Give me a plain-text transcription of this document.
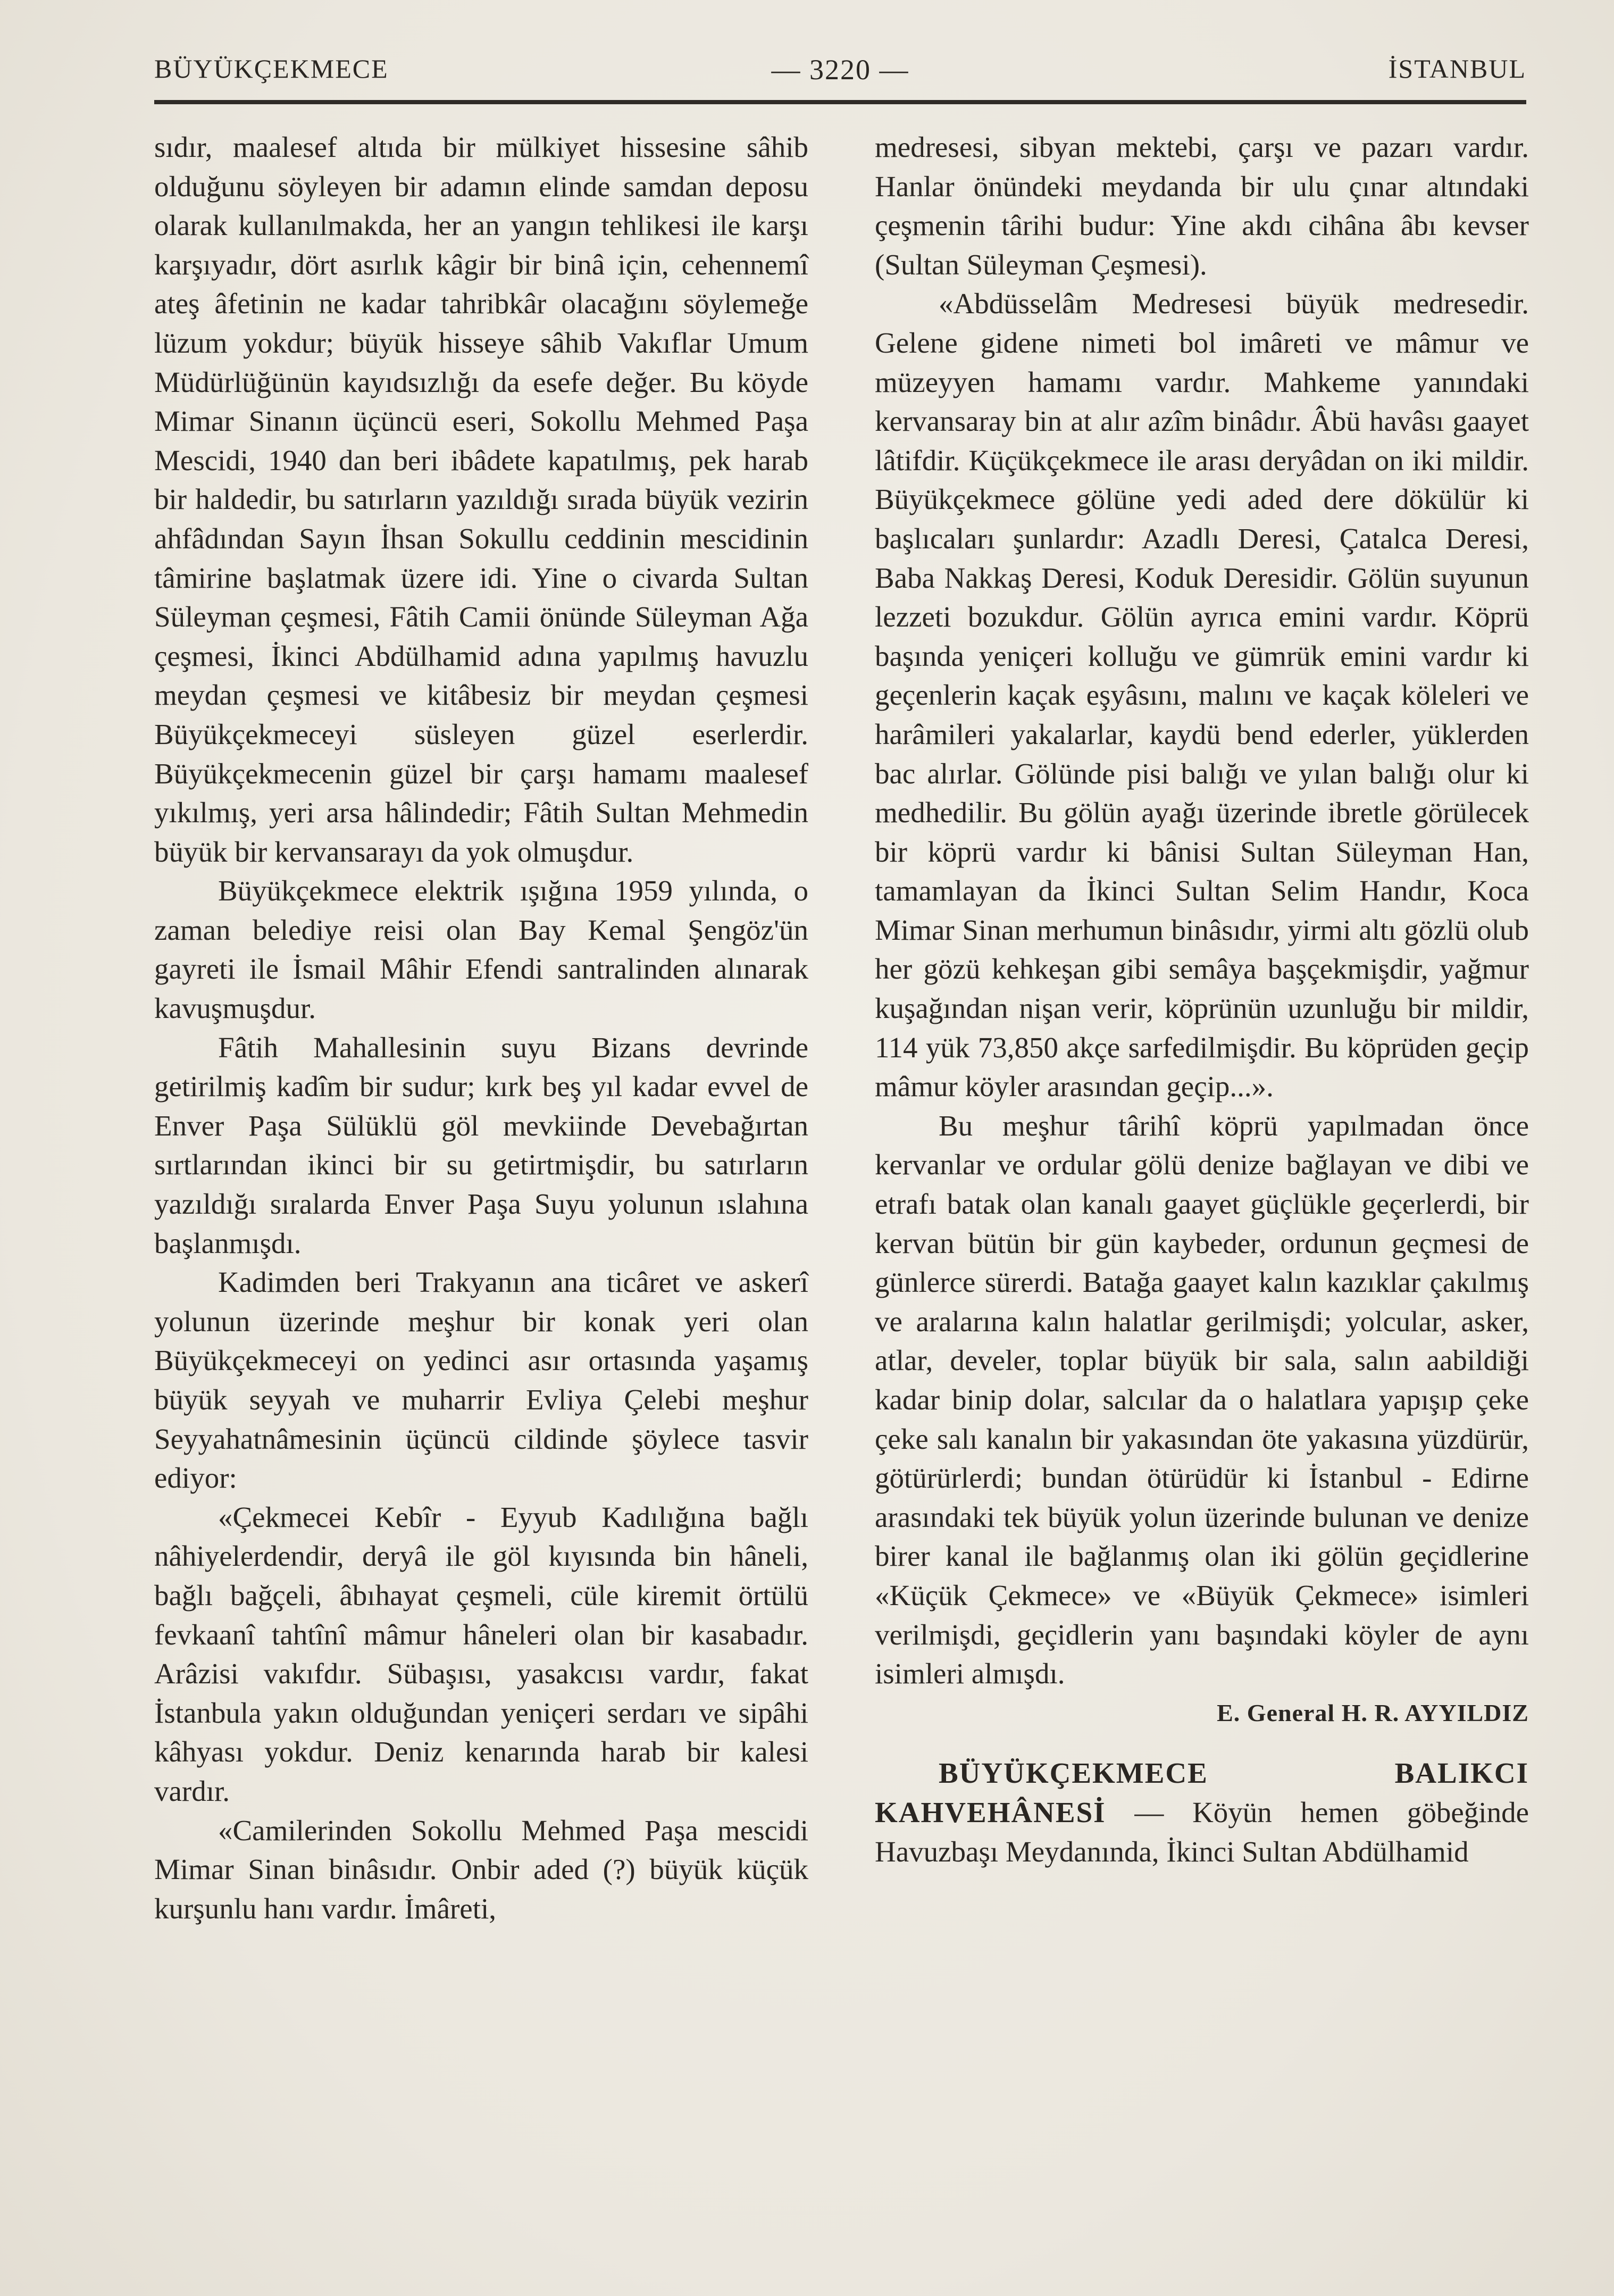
BÜYÜKÇEKMECE	— 3220 —	İSTANBUL

sıdır, maalesef altıda bir mülkiyet hissesine sâhib olduğunu söyleyen bir adamın elinde samdan deposu olarak kullanılmakda, her an yangın tehlikesi ile karşı karşıyadır, dört asırlık kâgir bir binâ için, cehennemî ateş âfetinin ne kadar tahribkâr olacağını söylemeğe lüzum yokdur; büyük hisseye sâhib Vakıflar Umum Müdürlüğünün kayıdsızlığı da esefe değer. Bu köyde Mimar Sinanın üçüncü eseri, Sokollu Mehmed Paşa Mescidi, 1940 dan beri ibâdete kapatılmış, pek harab bir haldedir, bu satırların yazıldığı sırada büyük vezirin ahfâdından Sayın İhsan Sokullu ceddinin mescidinin tâmirine başlatmak üzere idi. Yine o civarda Sultan Süleyman çeşmesi, Fâtih Camii önünde Süleyman Ağa çeşmesi, İkinci Abdülhamid adına yapılmış havuzlu meydan çeşmesi ve kitâbesiz bir meydan çeşmesi Büyükçekmeceyi süsleyen güzel eserlerdir. Büyükçekmecenin güzel bir çarşı hamamı maalesef yıkılmış, yeri arsa hâlindedir; Fâtih Sultan Mehmedin büyük bir kervansarayı da yok olmuşdur.

Büyükçekmece elektrik ışığına 1959 yılında, o zaman belediye reisi olan Bay Kemal Şengöz'ün gayreti ile İsmail Mâhir Efendi santralinden alınarak kavuşmuşdur.

Fâtih Mahallesinin suyu Bizans devrinde getirilmiş kadîm bir sudur; kırk beş yıl kadar evvel de Enver Paşa Sülüklü göl mevkiinde Devebağırtan sırtlarından ikinci bir su getirtmişdir, bu satırların yazıldığı sıralarda Enver Paşa Suyu yolunun ıslahına başlanmışdı.

Kadimden beri Trakyanın ana ticâret ve askerî yolunun üzerinde meşhur bir konak yeri olan Büyükçekmeceyi on yedinci asır ortasında yaşamış büyük seyyah ve muharrir Evliya Çelebi meşhur Seyyahatnâmesinin üçüncü cildinde şöylece tasvir ediyor:

«Çekmecei Kebîr - Eyyub Kadılığına bağlı nâhiyelerdendir, deryâ ile göl kıyısında bin hâneli, bağlı bağçeli, âbıhayat çeşmeli, cüle kiremit örtülü fevkaanî tahtînî mâmur hâneleri olan bir kasabadır. Arâzisi vakıfdır. Sübaşısı, yasakcısı vardır, fakat İstanbula yakın olduğundan yeniçeri serdarı ve sipâhi kâhyası yokdur. Deniz kenarında harab bir kalesi vardır.

«Camilerinden Sokollu Mehmed Paşa mescidi Mimar Sinan binâsıdır. Onbir aded (?) büyük küçük kurşunlu hanı vardır. İmâreti,

medresesi, sibyan mektebi, çarşı ve pazarı vardır. Hanlar önündeki meydanda bir ulu çınar altındaki çeşmenin târihi budur: Yine akdı cihâna âbı kevser (Sultan Süleyman Çeşmesi).

«Abdüsselâm Medresesi büyük medresedir. Gelene gidene nimeti bol imâreti ve mâmur ve müzeyyen hamamı vardır. Mahkeme yanındaki kervansaray bin at alır azîm binâdır. Âbü havâsı gaayet lâtifdir. Küçükçekmece ile arası deryâdan on iki mildir. Büyükçekmece gölüne yedi aded dere dökülür ki başlıcaları şunlardır: Azadlı Deresi, Çatalca Deresi, Baba Nakkaş Deresi, Koduk Deresidir. Gölün suyunun lezzeti bozukdur. Gölün ayrıca emini vardır. Köprü başında yeniçeri kolluğu ve gümrük emini vardır ki geçenlerin kaçak eşyâsını, malını ve kaçak köleleri ve harâmileri yakalarlar, kaydü bend ederler, yüklerden bac alırlar. Gölünde pisi balığı ve yılan balığı olur ki medhedilir. Bu gölün ayağı üzerinde ibretle görülecek bir köprü vardır ki bânisi Sultan Süleyman Han, tamamlayan da İkinci Sultan Selim Handır, Koca Mimar Sinan merhumun binâsıdır, yirmi altı gözlü olub her gözü kehkeşan gibi semâya başçekmişdir, yağmur kuşağından nişan verir, köprünün uzunluğu bir mildir, 114 yük 73,850 akçe sarfedilmişdir. Bu köprüden geçip mâmur köyler arasından geçip...».

Bu meşhur târihî köprü yapılmadan önce kervanlar ve ordular gölü denize bağlayan ve dibi ve etrafı batak olan kanalı gaayet güçlükle geçerlerdi, bir kervan bütün bir gün kaybeder, ordunun geçmesi de günlerce sürerdi. Batağa gaayet kalın kazıklar çakılmış ve aralarına kalın halatlar gerilmişdi; yolcular, asker, atlar, develer, toplar büyük bir sala, salın aabildiği kadar binip dolar, salcılar da o halatlara yapışıp çeke çeke salı kanalın bir yakasından öte yakasına yüzdürür, götürürlerdi; bundan ötürüdür ki İstanbul - Edirne arasındaki tek büyük yolun üzerinde bulunan ve denize birer kanal ile bağlanmış olan iki gölün geçidlerine «Küçük Çekmece» ve «Büyük Çekmece» isimleri verilmişdi, geçidlerin yanı başındaki köyler de aynı isimleri almışdı.

E. General H. R. AYYILDIZ

BÜYÜKÇEKMECE BALIKCI KAHVEHÂNESİ — Köyün hemen göbeğinde Havuzbaşı Meydanında, İkinci Sultan Abdülhamid
